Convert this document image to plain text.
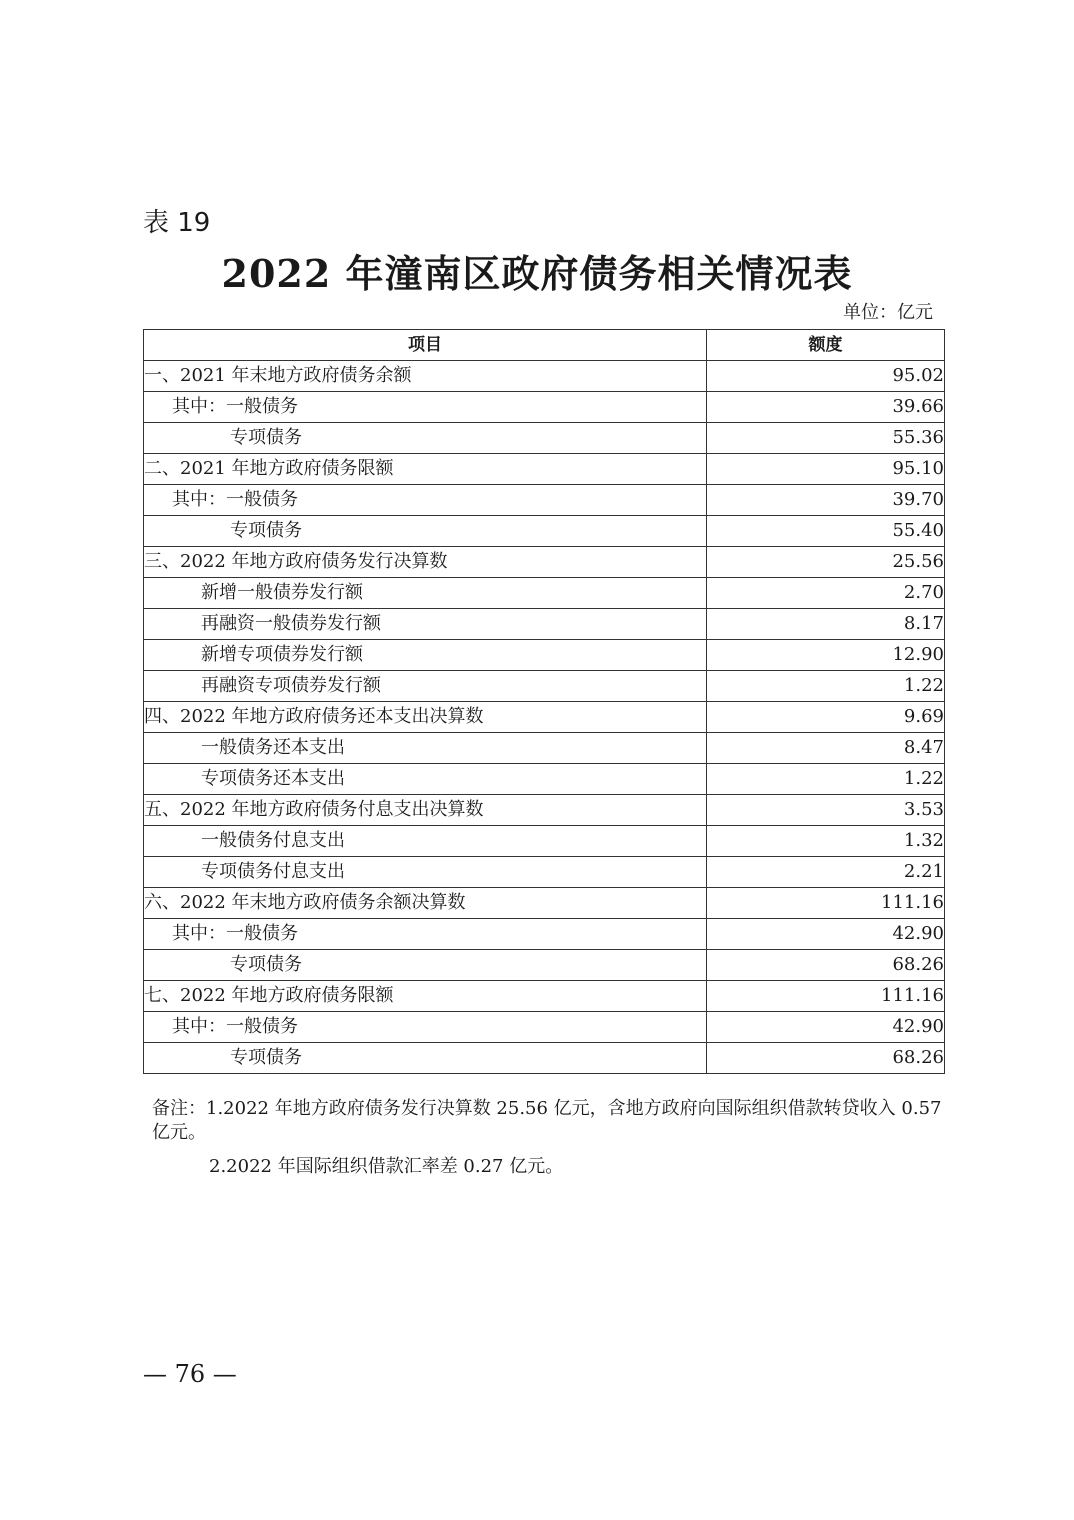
表 19
2022 年潼南区政府债务相关情况表
单位：亿元
项目	额度
一、2021 年末地方政府债务余额	95.02
其中：一般债务	39.66
专项债务	55.36
二、2021 年地方政府债务限额	95.10
其中：一般债务	39.70
专项债务	55.40
三、2022 年地方政府债务发行决算数	25.56
新增一般债券发行额	2.70
再融资一般债券发行额	8.17
新增专项债券发行额	12.90
再融资专项债券发行额	1.22
四、2022 年地方政府债务还本支出决算数	9.69
一般债务还本支出	8.47
专项债务还本支出	1.22
五、2022 年地方政府债务付息支出决算数	3.53
一般债务付息支出	1.32
专项债务付息支出	2.21
六、2022 年末地方政府债务余额决算数	111.16
其中：一般债务	42.90
专项债务	68.26
七、2022 年地方政府债务限额	111.16
其中：一般债务	42.90
专项债务	68.26
备注：1.2022 年地方政府债务发行决算数 25.56 亿元，含地方政府向国际组织借款转贷收入 0.57 亿元。
2.2022 年国际组织借款汇率差 0.27 亿元。
— 76 —
